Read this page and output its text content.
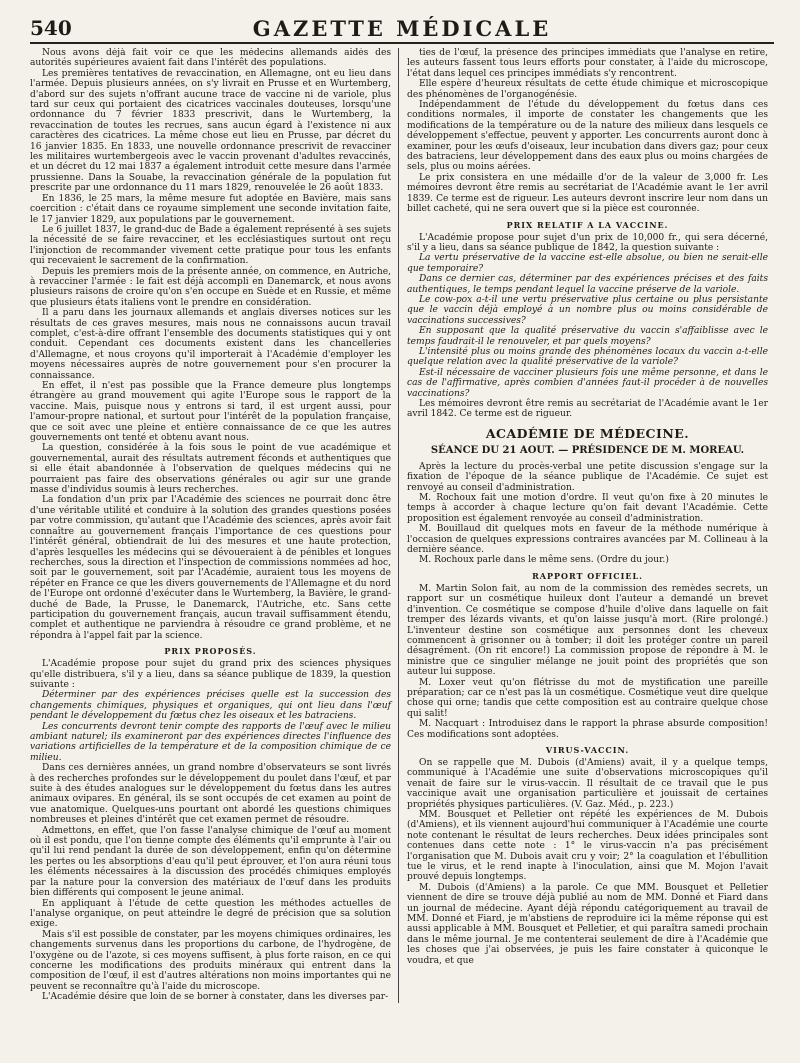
540	GAZETTE MÉDICALE

Nous avons déjà fait voir ce que les médecins allemands aidés des autorités supérieures avaient fait dans l'intérêt des populations.

Les premières tentatives de revaccination, en Allemagne, ont eu lieu dans l'armée. Depuis plusieurs années, on s'y livrait en Prusse et en Wurtemberg, d'abord sur des sujets n'offrant aucune trace de vaccine ni de variole, plus tard sur ceux qui portaient des cicatrices vaccinales douteuses, lorsqu'une ordonnance du 7 février 1833 prescrivit, dans le Wurtemberg, la revaccination de toutes les recrues, sans aucun égard à l'existence ni aux caractères des cicatrices. La même chose eut lieu en Prusse, par décret du 16 janvier 1835. En 1833, une nouvelle ordonnance prescrivit de revacciner les militaires wurtembergeois avec le vaccin provenant d'adultes revaccinés, et un décret du 12 mai 1837 a également introduit cette mesure dans l'armée prussienne. Dans la Souabe, la revaccination générale de la population fut prescrite par une ordonnance du 11 mars 1829, renouvelée le 26 août 1833.

En 1836, le 25 mars, la même mesure fut adoptée en Bavière, mais sans coercition : c'était dans ce royaume simplement une seconde invitation faite, le 17 janvier 1829, aux populations par le gouvernement.

Le 6 juillet 1837, le grand-duc de Bade a également représenté à ses sujets la nécessité de se faire revacciner, et les ecclésiastiques surtout ont reçu l'injonction de recommander vivement cette pratique pour tous les enfants qui recevaient le sacrement de la confirmation.

Depuis les premiers mois de la présente année, on commence, en Autriche, à revacciner l'armée : le fait est déjà accompli en Danemarck, et nous avons plusieurs raisons de croire qu'on s'en occupe en Suède et en Russie, et même que plusieurs états italiens vont le prendre en considération.

Il a paru dans les journaux allemands et anglais diverses notices sur les résultats de ces graves mesures, mais nous ne connaissons aucun travail complet, c'est-à-dire offrant l'ensemble des documents statistiques qui y ont conduit. Cependant ces documents existent dans les chancelleries d'Allemagne, et nous croyons qu'il importerait à l'Académie d'employer les moyens nécessaires auprès de notre gouvernement pour s'en procurer la connaissance.

En effet, il n'est pas possible que la France demeure plus longtemps étrangère au grand mouvement qui agite l'Europe sous le rapport de la vaccine. Mais, puisque nous y entrons si tard, il est urgent aussi, pour l'amour-propre national, et surtout pour l'intérêt de la population française, que ce soit avec une pleine et entière connaissance de ce que les autres gouvernements ont tenté et obtenu avant nous.

La question, considérée à la fois sous le point de vue académique et gouvernemental, aurait des résultats autrement féconds et authentiques que si elle était abandonnée à l'observation de quelques médecins qui ne pourraient pas faire des observations générales ou agir sur une grande masse d'individus soumis à leurs recherches.

La fondation d'un prix par l'Académie des sciences ne pourrait donc être d'une véritable utilité et conduire à la solution des grandes questions posées par votre commission, qu'autant que l'Académie des sciences, après avoir fait connaître au gouvernement français l'importance de ces questions pour l'intérêt général, obtiendrait de lui des mesures et une haute protection, d'après lesquelles les médecins qui se dévoueraient à de pénibles et longues recherches, sous la direction et l'inspection de commissions nommées ad hoc, soit par le gouvernement, soit par l'Académie, auraient tous les moyens de répéter en France ce que les divers gouvernements de l'Allemagne et du nord de l'Europe ont ordonné d'exécuter dans le Wurtemberg, la Bavière, le grand-duché de Bade, la Prusse, le Danemarck, l'Autriche, etc. Sans cette participation du gouvernement français, aucun travail suffisamment étendu, complet et authentique ne parviendra à résoudre ce grand problème, et ne répondra à l'appel fait par la science.

PRIX PROPOSÉS.

L'Académie propose pour sujet du grand prix des sciences physiques qu'elle distribuera, s'il y a lieu, dans sa séance publique de 1839, la question suivante :

Déterminer par des expériences précises quelle est la succession des changements chimiques, physiques et organiques, qui ont lieu dans l'œuf pendant le développement du fœtus chez les oiseaux et les batraciens.

Les concurrents devront tenir compte des rapports de l'œuf avec le milieu ambiant naturel; ils examineront par des expériences directes l'influence des variations artificielles de la température et de la composition chimique de ce milieu.

Dans ces dernières années, un grand nombre d'observateurs se sont livrés à des recherches profondes sur le développement du poulet dans l'œuf, et par suite à des études analogues sur le développement du fœtus dans les autres animaux ovipares. En général, ils se sont occupés de cet examen au point de vue anatomique. Quelques-uns pourtant ont abordé les questions chimiques nombreuses et pleines d'intérêt que cet examen permet de résoudre.

Admettons, en effet, que l'on fasse l'analyse chimique de l'œuf au moment où il est pondu, que l'on tienne compte des éléments qu'il emprunte à l'air ou qu'il lui rend pendant la durée de son développement, enfin qu'on détermine les pertes ou les absorptions d'eau qu'il peut éprouver, et l'on aura réuni tous les éléments nécessaires à la discussion des procédés chimiques employés par la nature pour la conversion des matériaux de l'œuf dans les produits bien différents qui composent le jeune animal.

En appliquant à l'étude de cette question les méthodes actuelles de l'analyse organique, on peut atteindre le degré de précision que sa solution exige.

Mais s'il est possible de constater, par les moyens chimiques ordinaires, les changements survenus dans les proportions du carbone, de l'hydrogène, de l'oxygène ou de l'azote, si ces moyens suffisent, à plus forte raison, en ce qui concerne les modifications des produits minéraux qui entrent dans la composition de l'œuf, il est d'autres altérations non moins importantes qui ne peuvent se reconnaître qu'à l'aide du microscope.

L'Académie désire que loin de se borner à constater, dans les diverses par-

ties de l'œuf, la présence des principes immédiats que l'analyse en retire, les auteurs fassent tous leurs efforts pour constater, à l'aide du microscope, l'état dans lequel ces principes immédiats s'y rencontrent.

Elle espère d'heureux résultats de cette étude chimique et microscopique des phénomènes de l'organogénésie.

Indépendamment de l'étude du développement du fœtus dans ces conditions normales, il importe de constater les changements que les modifications de la température ou de la nature des milieux dans lesquels ce développement s'effectue, peuvent y apporter. Les concurrents auront donc à examiner, pour les œufs d'oiseaux, leur incubation dans divers gaz; pour ceux des batraciens, leur développement dans des eaux plus ou moins chargées de sels, plus ou moins aérées.

Le prix consistera en une médaille d'or de la valeur de 3,000 fr. Les mémoires devront être remis au secrétariat de l'Académie avant le 1er avril 1839. Ce terme est de rigueur. Les auteurs devront inscrire leur nom dans un billet cacheté, qui ne sera ouvert que si la pièce est couronnée.

PRIX RELATIF A LA VACCINE.

L'Académie propose pour sujet d'un prix de 10,000 fr., qui sera décerné, s'il y a lieu, dans sa séance publique de 1842, la question suivante :

La vertu préservative de la vaccine est-elle absolue, ou bien ne serait-elle que temporaire?

Dans ce dernier cas, déterminer par des expériences précises et des faits authentiques, le temps pendant lequel la vaccine préserve de la variole.

Le cow-pox a-t-il une vertu préservative plus certaine ou plus persistante que le vaccin déjà employé à un nombre plus ou moins considérable de vaccinations successives?

En supposant que la qualité préservative du vaccin s'affaiblisse avec le temps faudrait-il le renouveler, et par quels moyens?

L'intensité plus ou moins grande des phénomènes locaux du vaccin a-t-elle quelque relation avec la qualité préservative de la variole?

Est-il nécessaire de vacciner plusieurs fois une même personne, et dans le cas de l'affirmative, après combien d'années faut-il procéder à de nouvelles vaccinations?

Les mémoires devront être remis au secrétariat de l'Académie avant le 1er avril 1842. Ce terme est de rigueur.

ACADÉMIE DE MÉDECINE.
SÉANCE DU 21 AOUT. — PRÉSIDENCE DE M. MOREAU.

Après la lecture du procès-verbal une petite discussion s'engage sur la fixation de l'époque de la séance publique de l'Académie. Ce sujet est renvoyé au conseil d'administration.

M. Rochoux fait une motion d'ordre. Il veut qu'on fixe à 20 minutes le temps à accorder à chaque lecture qu'on fait devant l'Académie. Cette proposition est également renvoyée au conseil d'administration.

M. Bouillaud dit quelques mots en faveur de la méthode numérique à l'occasion de quelques expressions contraires avancées par M. Collineau à la dernière séance.

M. Rochoux parle dans le même sens. (Ordre du jour.)

RAPPORT OFFICIEL.

M. Martin Solon fait, au nom de la commission des remèdes secrets, un rapport sur un cosmétique huileux dont l'auteur a demandé un brevet d'invention. Ce cosmétique se compose d'huile d'olive dans laquelle on fait tremper des lézards vivants, et qu'on laisse jusqu'à mort. (Rire prolongé.) L'inventeur destine son cosmétique aux personnes dont les cheveux commencent à grisonner ou à tomber; il doit les protéger contre un pareil désagrément. (On rit encore!) La commission propose de répondre à M. le ministre que ce singulier mélange ne jouit point des propriétés que son auteur lui suppose.

M. Loxer veut qu'on flétrisse du mot de mystification une pareille préparation; car ce n'est pas là un cosmétique. Cosmétique veut dire quelque chose qui orne; tandis que cette composition est au contraire quelque chose qui salit!

M. Nacquart : Introduisez dans le rapport la phrase absurde composition! Ces modifications sont adoptées.

VIRUS-VACCIN.

On se rappelle que M. Dubois (d'Amiens) avait, il y a quelque temps, communiqué à l'Académie une suite d'observations microscopiques qu'il venait de faire sur le virus-vaccin. Il résultait de ce travail que le pus vaccinique avait une organisation particulière et jouissait de certaines propriétés physiques particulières. (V. Gaz. Méd., p. 223.)

MM. Bousquet et Pelletier ont répété les expériences de M. Dubois (d'Amiens), et ils viennent aujourd'hui communiquer à l'Académie une courte note contenant le résultat de leurs recherches. Deux idées principales sont contenues dans cette note : 1° le virus-vaccin n'a pas précisément l'organisation que M. Dubois avait cru y voir; 2° la coagulation et l'ébullition tue le virus, et le rend inapte à l'inoculation, ainsi que M. Mojon l'avait prouvé depuis longtemps.

M. Dubois (d'Amiens) a la parole. Ce que MM. Bousquet et Pelletier viennent de dire se trouve déjà publié au nom de MM. Donné et Fiard dans un journal de médecine. Ayant déjà répondu catégoriquement au travail de MM. Donné et Fiard, je m'abstiens de reproduire ici la même réponse qui est aussi applicable à MM. Bousquet et Pelletier, et qui paraîtra samedi prochain dans le même journal. Je me contenterai seulement de dire à l'Académie que les choses que j'ai observées, je puis les faire constater à quiconque le voudra, et que
